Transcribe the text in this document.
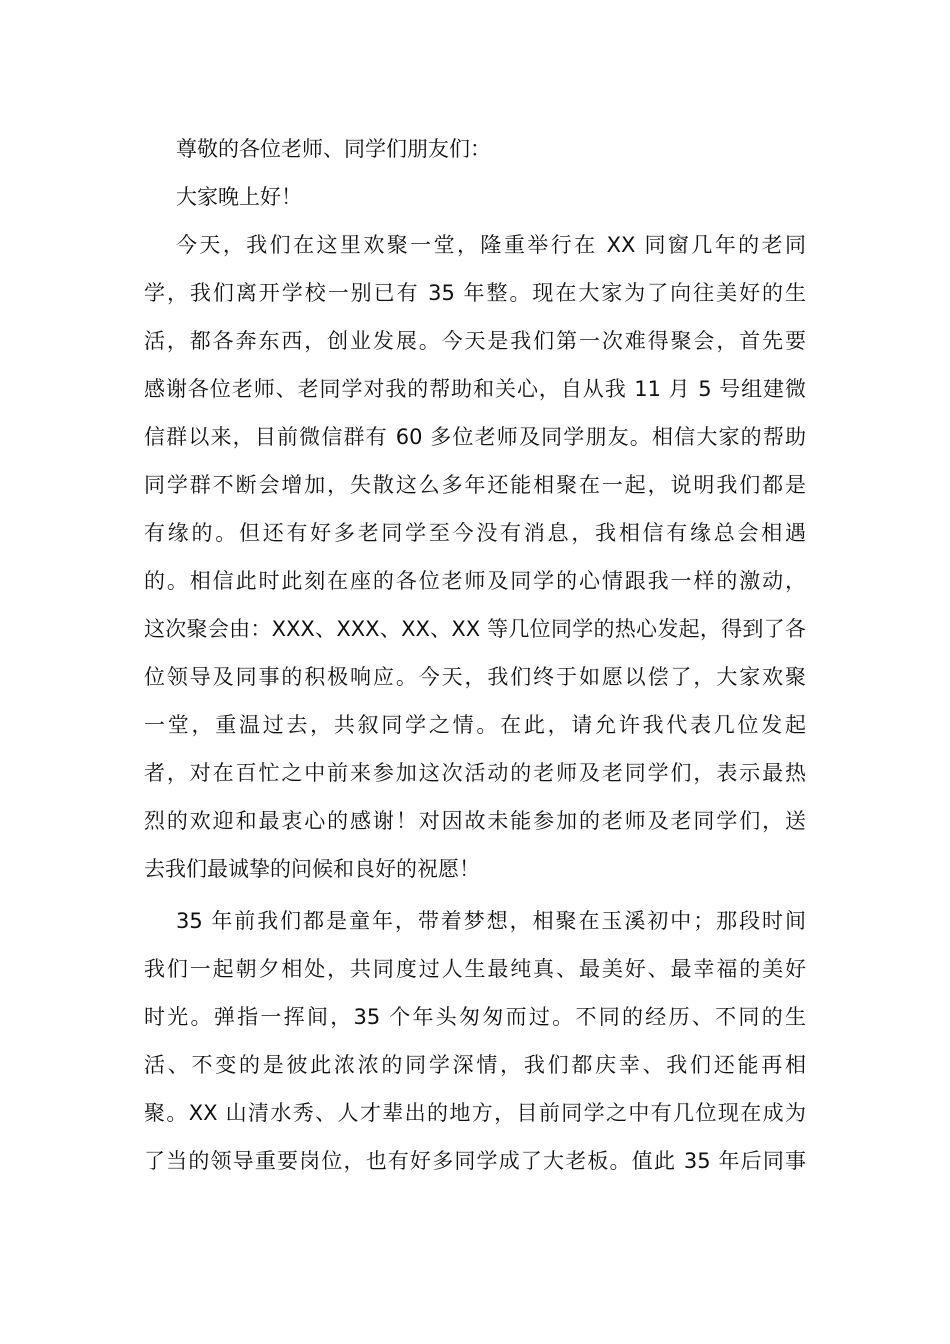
尊敬的各位老师、同学们朋友们：
大家晚上好！
今天，我们在这里欢聚一堂，隆重举行在 XX 同窗几年的老同
学，我们离开学校一别已有 35 年整。现在大家为了向往美好的生
活，都各奔东西，创业发展。今天是我们第一次难得聚会，首先要
感谢各位老师、老同学对我的帮助和关心，自从我 11 月 5 号组建微
信群以来，目前微信群有 60 多位老师及同学朋友。相信大家的帮助
同学群不断会增加，失散这么多年还能相聚在一起，说明我们都是
有缘的。但还有好多老同学至今没有消息，我相信有缘总会相遇
的。相信此时此刻在座的各位老师及同学的心情跟我一样的激动，
这次聚会由：XXX、XXX、XX、XX 等几位同学的热心发起，得到了各
位领导及同事的积极响应。今天，我们终于如愿以偿了，大家欢聚
一堂，重温过去，共叙同学之情。在此，请允许我代表几位发起
者，对在百忙之中前来参加这次活动的老师及老同学们，表示最热
烈的欢迎和最衷心的感谢！对因故未能参加的老师及老同学们，送
去我们最诚挚的问候和良好的祝愿！
35 年前我们都是童年，带着梦想，相聚在玉溪初中；那段时间
我们一起朝夕相处，共同度过人生最纯真、最美好、最幸福的美好
时光。弹指一挥间，35 个年头匆匆而过。不同的经历、不同的生
活、不变的是彼此浓浓的同学深情，我们都庆幸、我们还能再相
聚。XX 山清水秀、人才辈出的地方，目前同学之中有几位现在成为
了当的领导重要岗位，也有好多同学成了大老板。值此 35 年后同事
